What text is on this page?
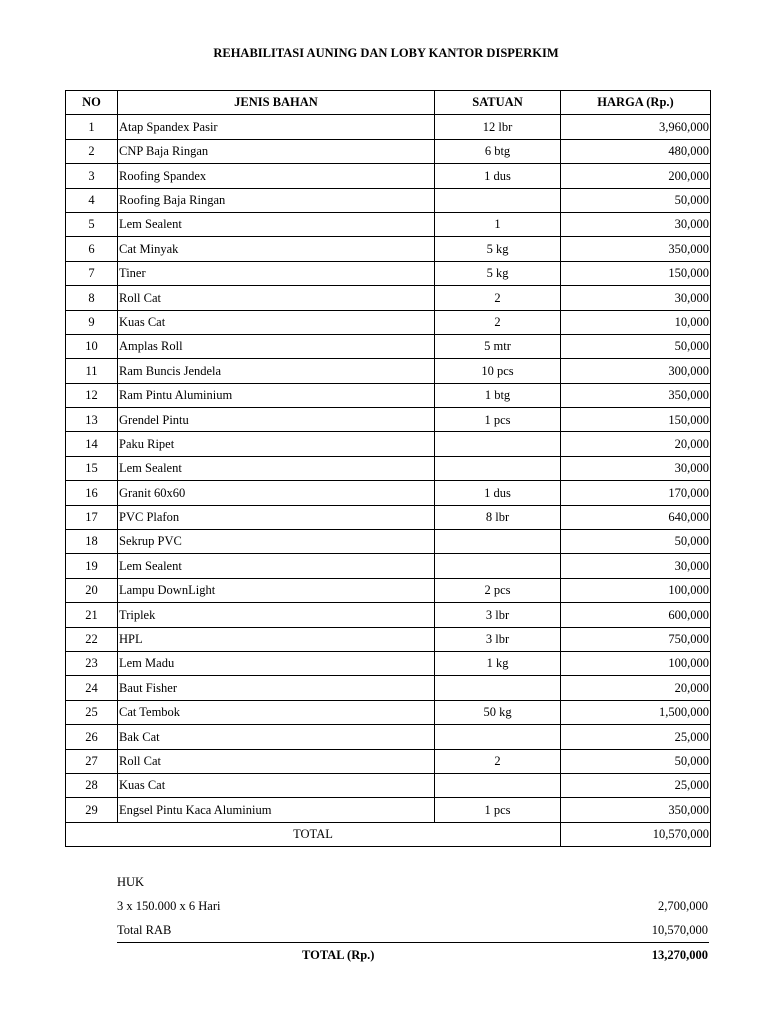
REHABILITASI AUNING DAN LOBY KANTOR DISPERKIM
NO	JENIS BAHAN	SATUAN	HARGA (Rp.)
1	Atap Spandex Pasir	12 lbr	3,960,000
2	CNP Baja Ringan	6 btg	480,000
3	Roofing Spandex	1 dus	200,000
4	Roofing Baja Ringan		50,000
5	Lem Sealent	1	30,000
6	Cat Minyak	5 kg	350,000
7	Tiner	5 kg	150,000
8	Roll Cat	2	30,000
9	Kuas Cat	2	10,000
10	Amplas Roll	5 mtr	50,000
11	Ram Buncis Jendela	10 pcs	300,000
12	Ram Pintu Aluminium	1 btg	350,000
13	Grendel Pintu	1 pcs	150,000
14	Paku Ripet		20,000
15	Lem Sealent		30,000
16	Granit 60x60	1 dus	170,000
17	PVC Plafon	8 lbr	640,000
18	Sekrup PVC		50,000
19	Lem Sealent		30,000
20	Lampu DownLight	2 pcs	100,000
21	Triplek	3 lbr	600,000
22	HPL	3 lbr	750,000
23	Lem Madu	1 kg	100,000
24	Baut Fisher		20,000
25	Cat Tembok	50 kg	1,500,000
26	Bak Cat		25,000
27	Roll Cat	2	50,000
28	Kuas Cat		25,000
29	Engsel Pintu Kaca Aluminium	1 pcs	350,000
TOTAL			10,570,000
HUK
3 x 150.000 x 6 Hari	2,700,000
Total RAB	10,570,000
TOTAL (Rp.)	13,270,000
